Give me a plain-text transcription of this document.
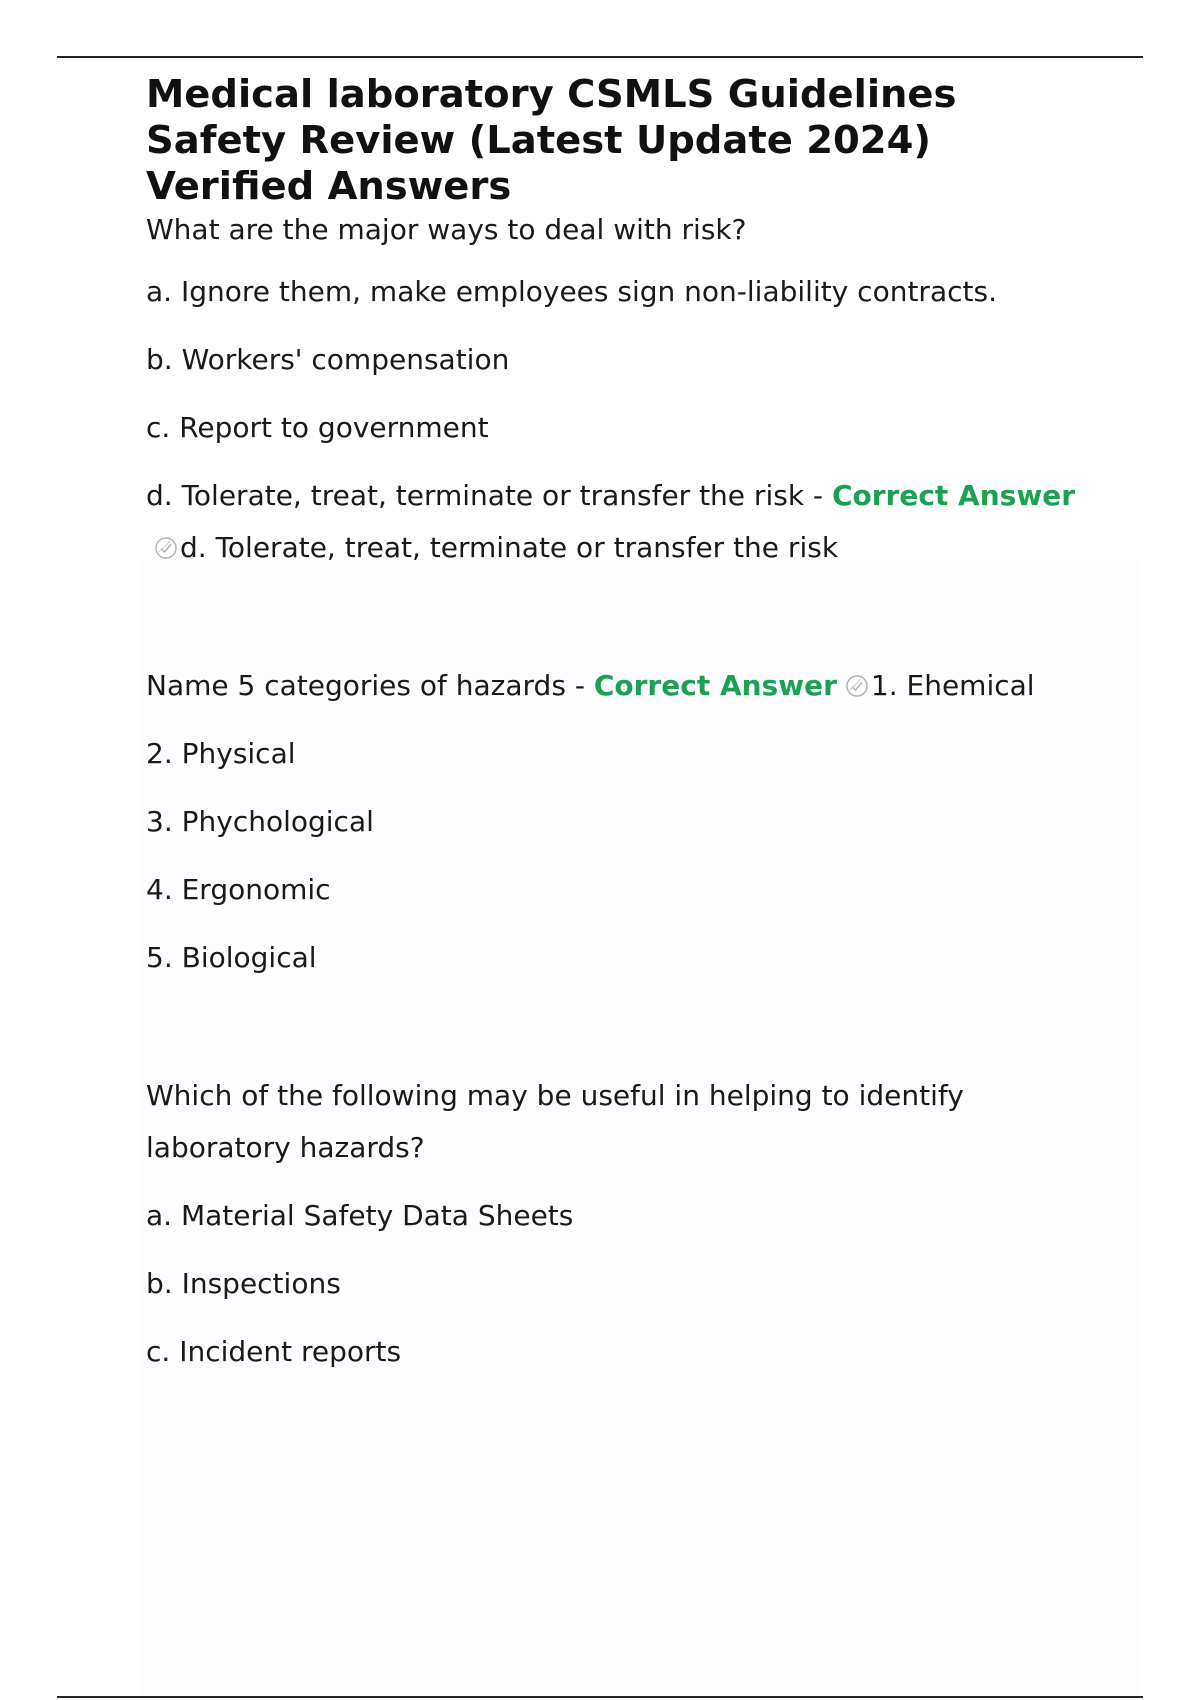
Medical laboratory CSMLS Guidelines Safety Review (Latest Update 2024) Verified Answers

What are the major ways to deal with risk?

a. Ignore them, make employees sign non-liability contracts.

b. Workers' compensation

c. Report to government

d. Tolerate, treat, terminate or transfer the risk - Correct Answerd. Tolerate, treat, terminate or transfer the risk

Name 5 categories of hazards - Correct Answer 1. Ehemical

2. Physical

3. Phychological

4. Ergonomic

5. Biological

Which of the following may be useful in helping to identify laboratory hazards?

a. Material Safety Data Sheets

b. Inspections

c. Incident reports
